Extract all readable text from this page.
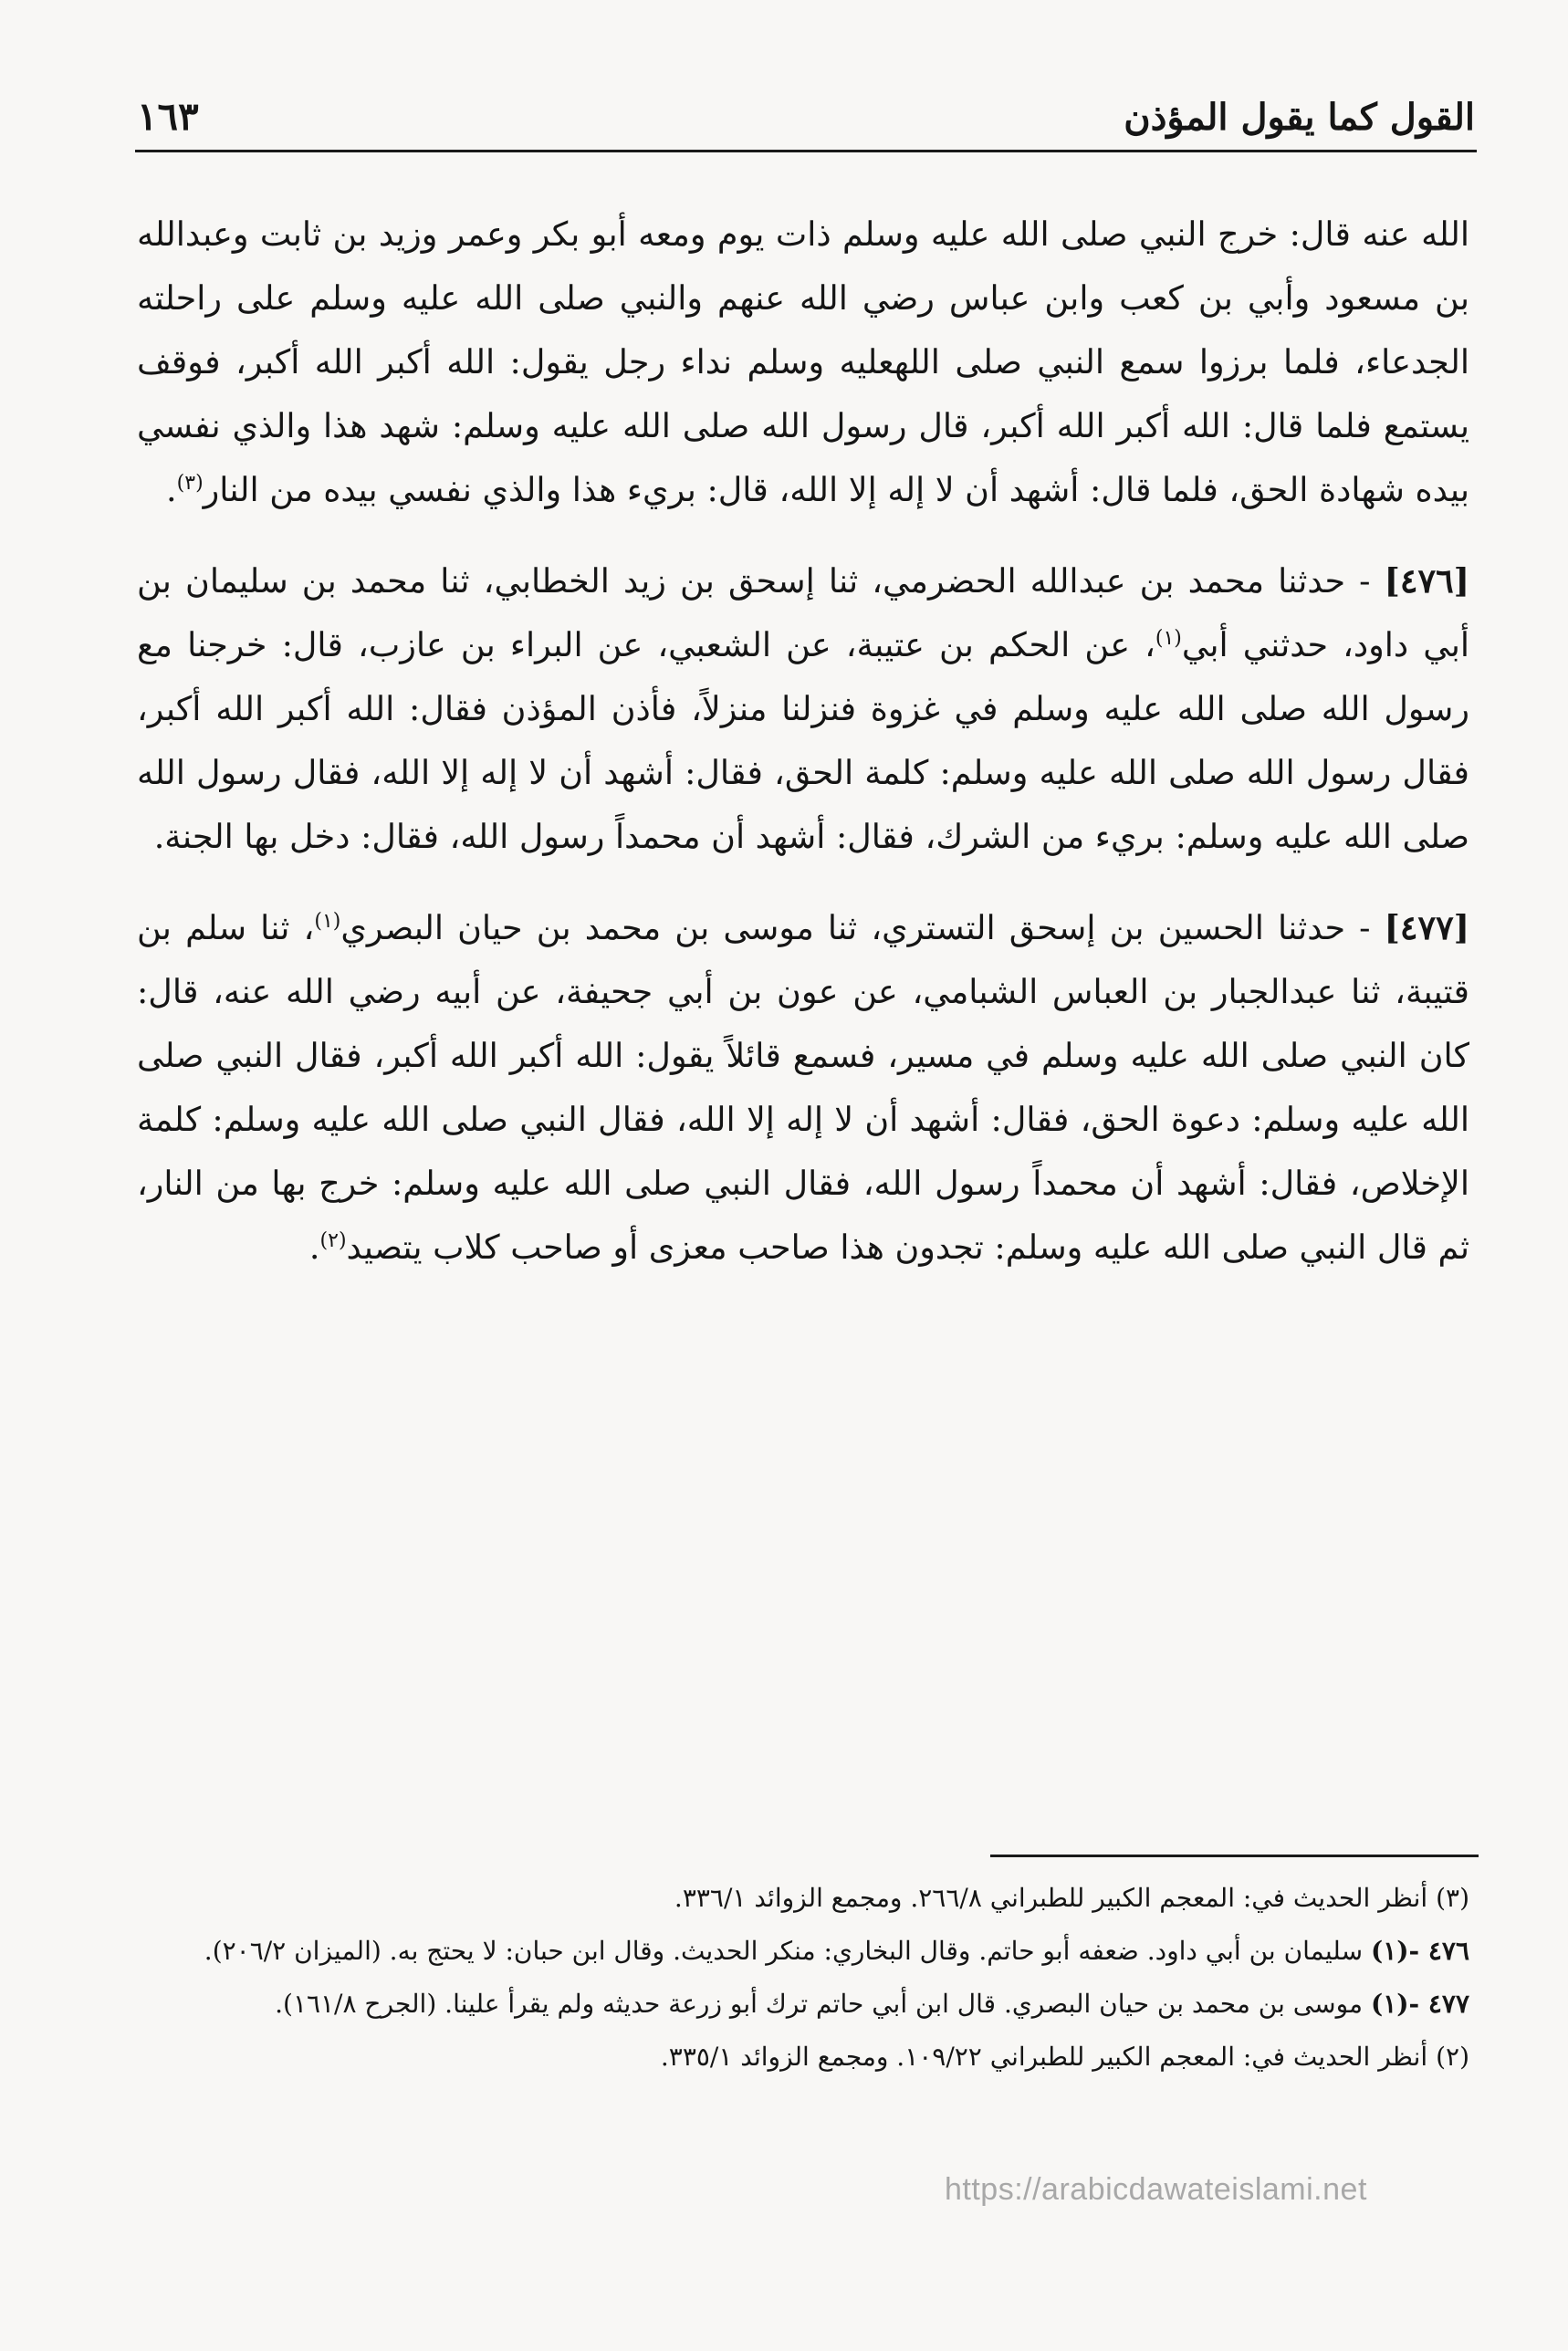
القول كما يقول المؤذن
١٦٣

الله عنه قال: خرج النبي صلى الله عليه وسلم ذات يوم ومعه أبو بكر وعمر وزيد بن ثابت وعبدالله بن مسعود وأبي بن كعب وابن عباس رضي الله عنهم والنبي صلى الله عليه وسلم على راحلته الجدعاء، فلما برزوا سمع النبي صلى اللهعليه وسلم نداء رجل يقول: الله أكبر الله أكبر، فوقف يستمع فلما قال: الله أكبر الله أكبر، قال رسول الله صلى الله عليه وسلم: شهد هذا والذي نفسي بيده شهادة الحق، فلما قال: أشهد أن لا إله إلا الله، قال: بريء هذا والذي نفسي بيده من النار$^{(٣)}$.

[٤٧٦] - حدثنا محمد بن عبدالله الحضرمي، ثنا إسحق بن زيد الخطابي، ثنا محمد بن سليمان بن أبي داود، حدثني أبي$^{(١)}$، عن الحكم بن عتيبة، عن الشعبي، عن البراء بن عازب، قال: خرجنا مع رسول الله صلى الله عليه وسلم في غزوة فنزلنا منزلاً، فأذن المؤذن فقال: الله أكبر الله أكبر، فقال رسول الله صلى الله عليه وسلم: كلمة الحق، فقال: أشهد أن لا إله إلا الله، فقال رسول الله صلى الله عليه وسلم: بريء من الشرك، فقال: أشهد أن محمداً رسول الله، فقال: دخل بها الجنة.

[٤٧٧] - حدثنا الحسين بن إسحق التستري، ثنا موسى بن محمد بن حيان البصري$^{(١)}$، ثنا سلم بن قتيبة، ثنا عبدالجبار بن العباس الشبامي، عن عون بن أبي جحيفة، عن أبيه رضي الله عنه، قال: كان النبي صلى الله عليه وسلم في مسير، فسمع قائلاً يقول: الله أكبر الله أكبر، فقال النبي صلى الله عليه وسلم: دعوة الحق، فقال: أشهد أن لا إله إلا الله، فقال النبي صلى الله عليه وسلم: كلمة الإخلاص، فقال: أشهد أن محمداً رسول الله، فقال النبي صلى الله عليه وسلم: خرج بها من النار، ثم قال النبي صلى الله عليه وسلم: تجدون هذا صاحب معزى أو صاحب كلاب يتصيد$^{(٢)}$.

(٣) أنظر الحديث في: المعجم الكبير للطبراني ٢٦٦/٨. ومجمع الزوائد ٣٣٦/١.
٤٧٦ -(١) سليمان بن أبي داود. ضعفه أبو حاتم. وقال البخاري: منكر الحديث. وقال ابن حبان: لا يحتج به. (الميزان ٢٠٦/٢).
٤٧٧ -(١) موسى بن محمد بن حيان البصري. قال ابن أبي حاتم ترك أبو زرعة حديثه ولم يقرأ علينا. (الجرح ١٦١/٨).
(٢) أنظر الحديث في: المعجم الكبير للطبراني ١٠٩/٢٢. ومجمع الزوائد ٣٣٥/١.
https://arabicdawateislami.net
